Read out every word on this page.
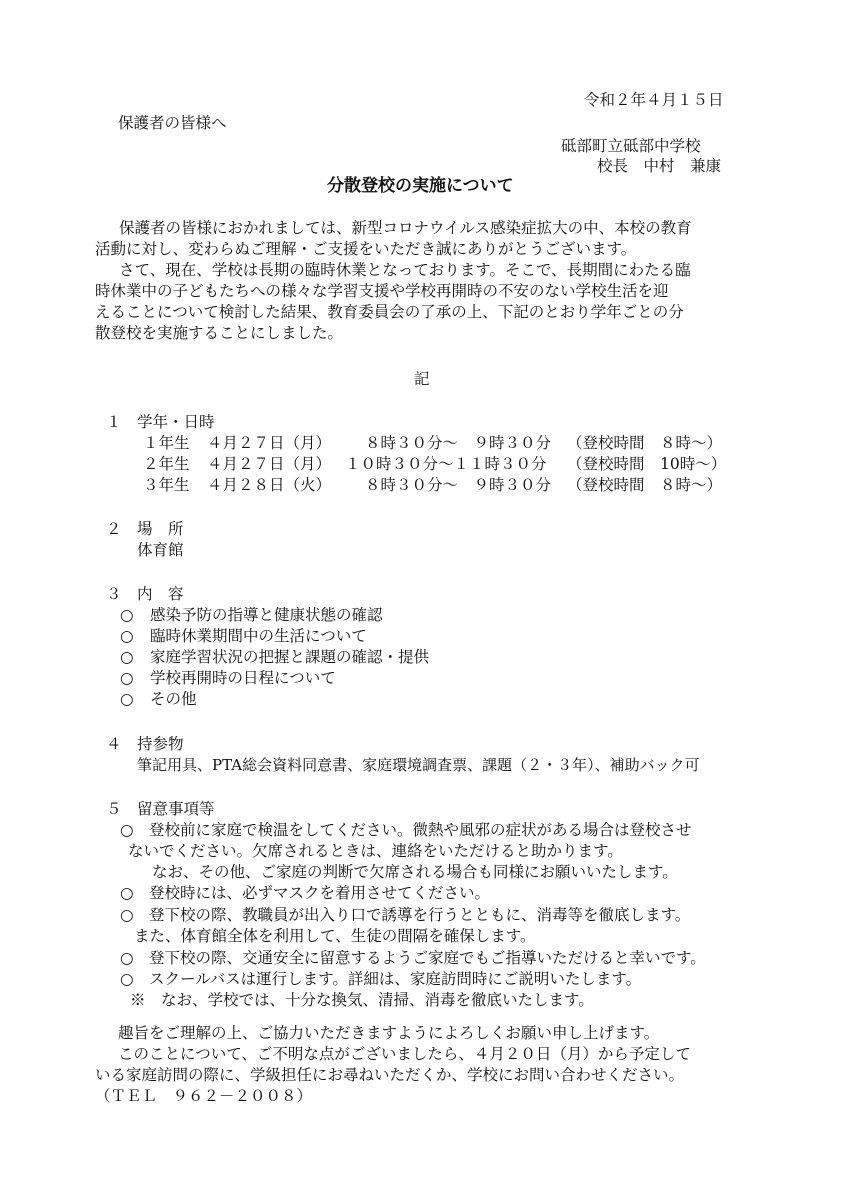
令和２年４月１５日
保護者の皆様へ
砥部町立砥部中学校
校長　中村　兼康
分散登校の実施について

保護者の皆様におかれましては、新型コロナウイルス感染症拡大の中、本校の教育

活動に対し、変わらぬご理解・ご支援をいただき誠にありがとうございます。

さて、現在、学校は長期の臨時休業となっております。そこで、長期間にわたる臨

時休業中の子どもたちへの様々な学習支援や学校再開時の不安のない学校生活を迎

えることについて検討した結果、教育委員会の了承の上、下記のとおり学年ごとの分

散登校を実施することにしました。

記
１　学年・日時
１年生 ４月２７日（月） ８時３０分～　９時３０分 （登校時間　８時～）
２年生 ４月２７日（月） １０時３０分～１１時３０分 （登校時間　10時～）
３年生 ４月２８日（火） ８時３０分～　９時３０分 （登校時間　８時～）
２　場　所
体育館
３　内　容
○ 感染予防の指導と健康状態の確認
○ 臨時休業期間中の生活について
○ 家庭学習状況の把握と課題の確認・提供
○ 学校再開時の日程について
○ その他
４　持参物
筆記用具、PTA総会資料同意書、家庭環境調査票、課題（２・３年）、補助バック可
５　留意事項等
○　登校前に家庭で検温をしてください。微熱や風邪の症状がある場合は登校させ
ないでください。欠席されるときは、連絡をいただけると助かります。
なお、その他、ご家庭の判断で欠席される場合も同様にお願いいたします。
○　登校時には、必ずマスクを着用させてください。
○　登下校の際、教職員が出入り口で誘導を行うとともに、消毒等を徹底します。
また、体育館全体を利用して、生徒の間隔を確保します。
○　登下校の際、交通安全に留意するようご家庭でもご指導いただけると幸いです。
○　スクールバスは運行します。詳細は、家庭訪問時にご説明いたします。
※　なお、学校では、十分な換気、清掃、消毒を徹底いたします。
趣旨をご理解の上、ご協力いただきますようによろしくお願い申し上げます。
このことについて、ご不明な点がございましたら、４月２０日（月）から予定して
いる家庭訪問の際に、学級担任にお尋ねいただくか、学校にお問い合わせください。
（ＴＥＬ　９６２－２００８）
